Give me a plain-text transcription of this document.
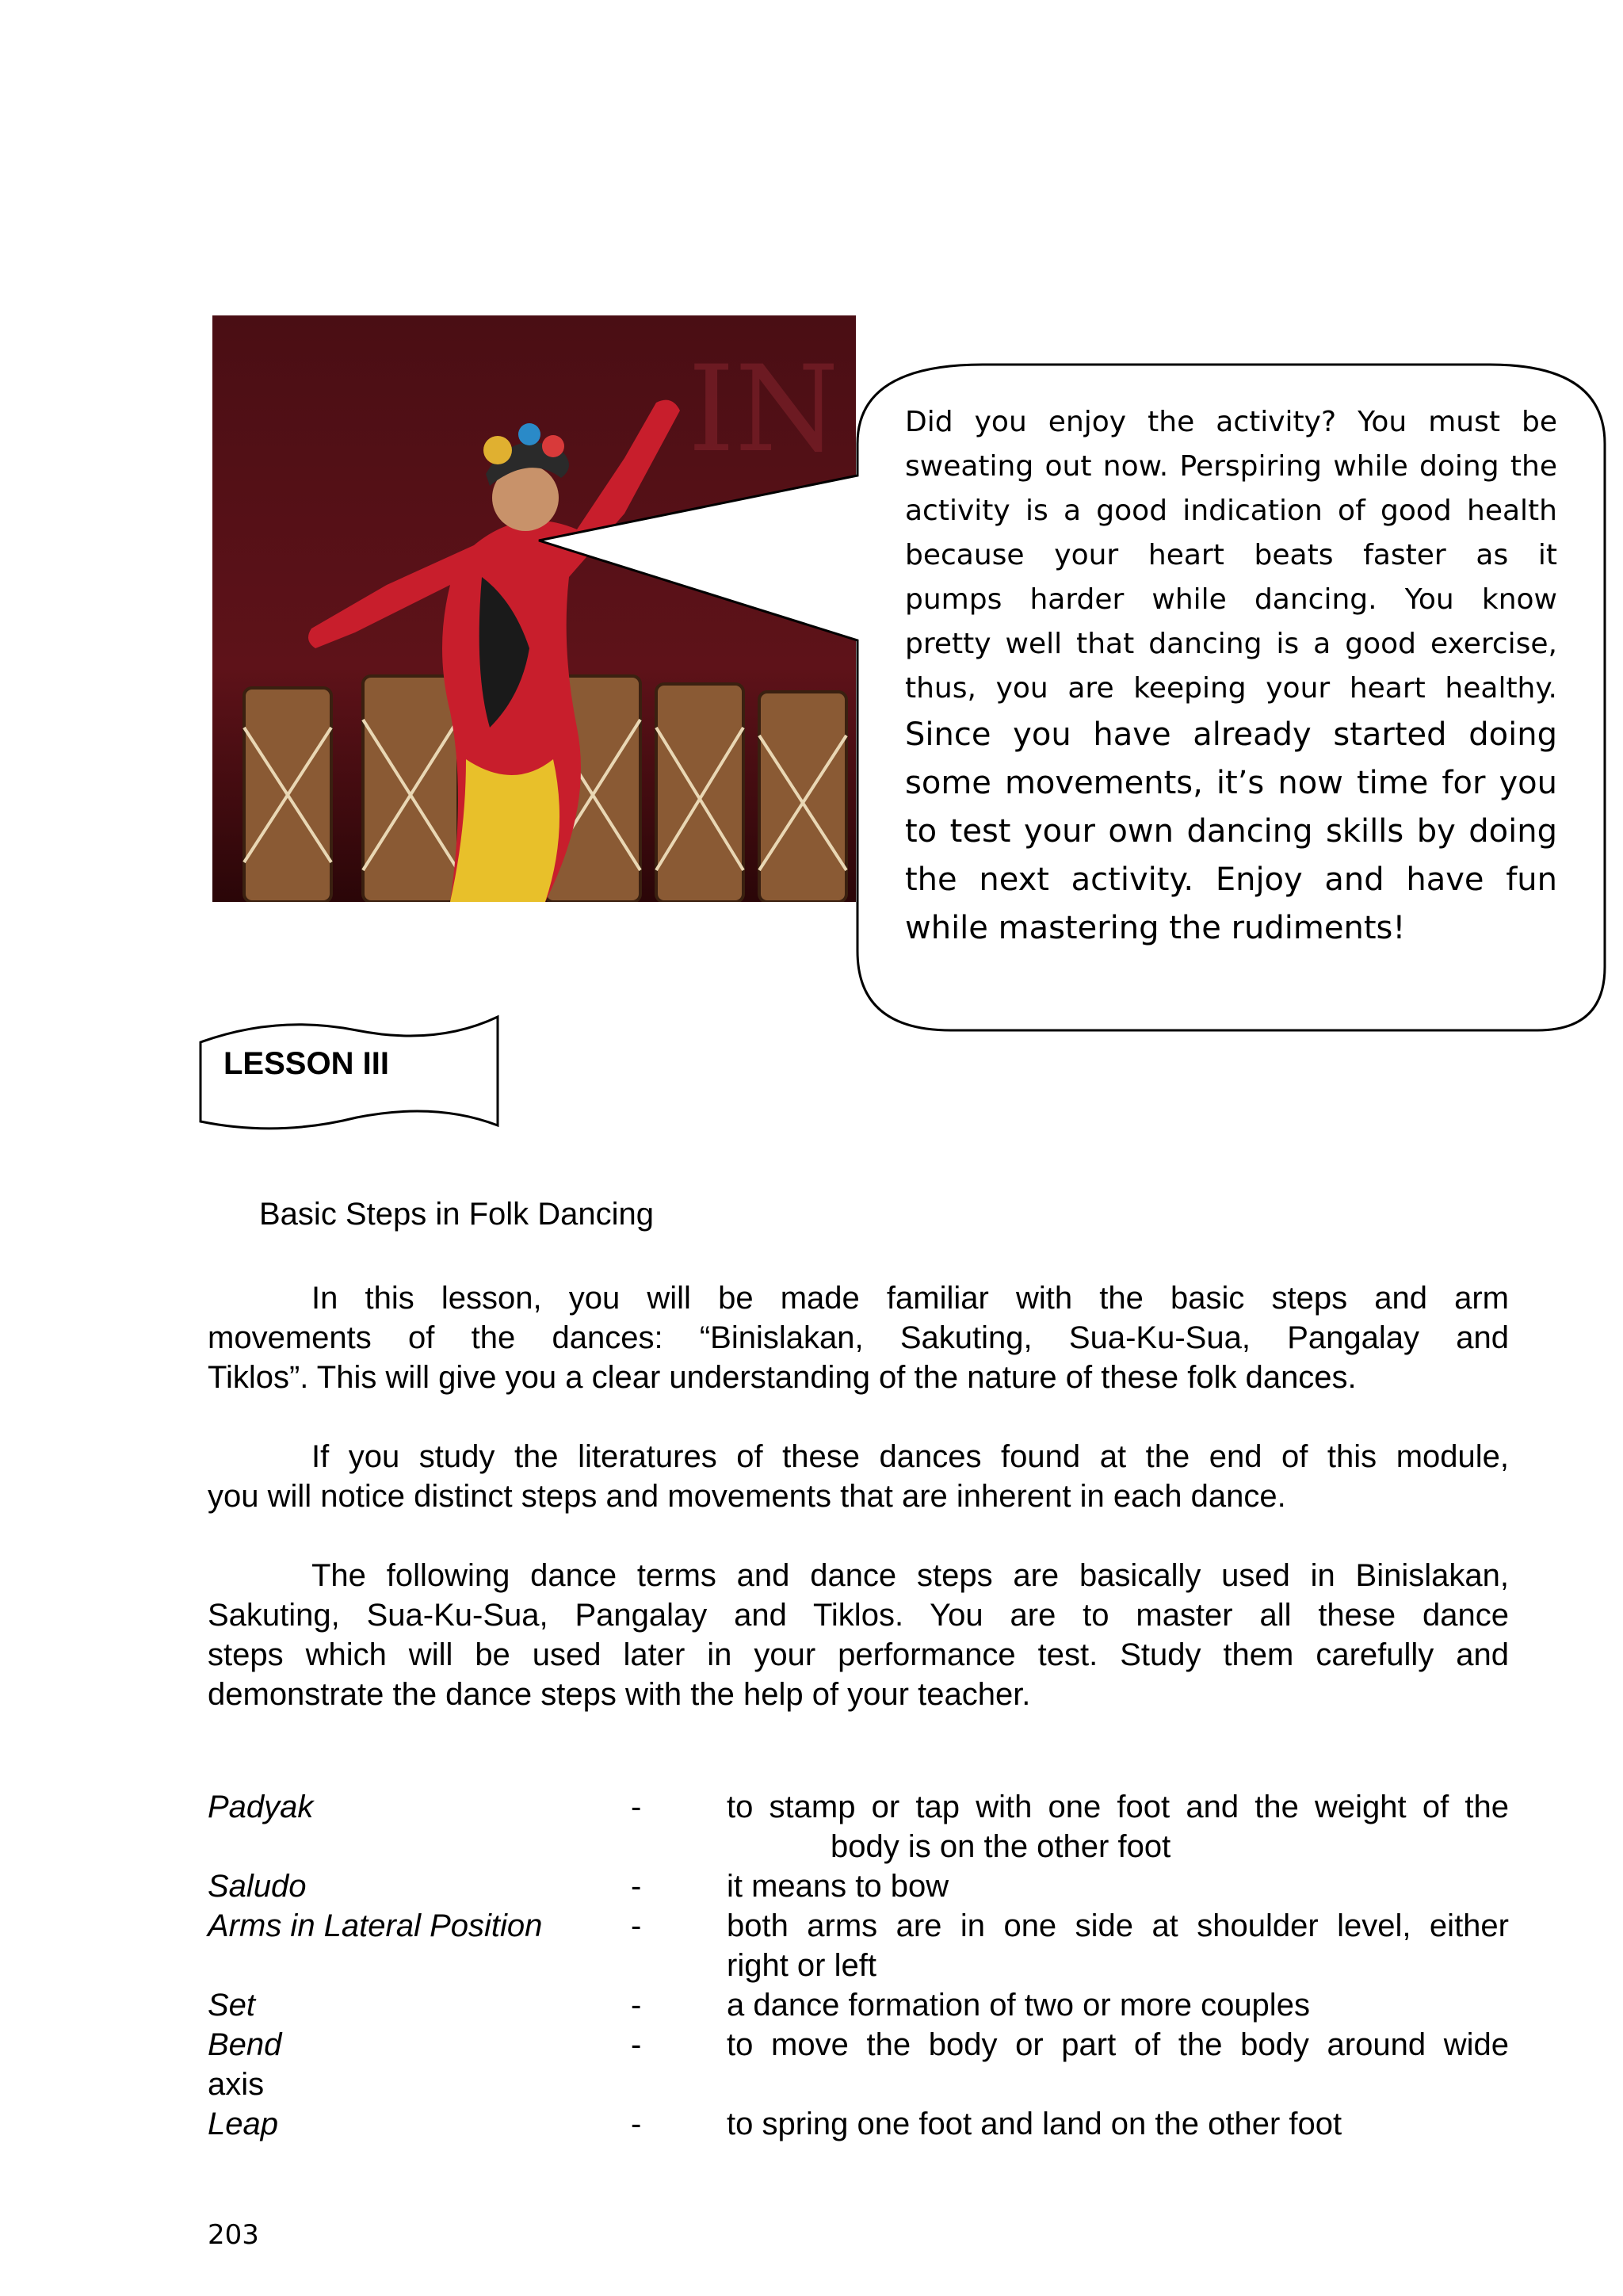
IN Did you enjoy the activity? You must be
sweating out now. Perspiring while doing the
activity is a good indication of good health
because your heart beats faster as it
pumps harder while dancing. You know
pretty well that dancing is a good exercise,
thus, you are keeping your heart healthy.
Since you have already started doing
some movements, it’s now time for you
to test your own dancing skills by doing
the next activity. Enjoy and have fun
while mastering the rudiments!
LESSON III
Basic Steps in Folk Dancing
In this lesson, you will be made familiar with the basic steps and arm
movements of the dances: “Binislakan, Sakuting, Sua-Ku-Sua, Pangalay and
Tiklos”. This will give you a clear understanding of the nature of these folk dances.
If you study the literatures of these dances found at the end of this module,
you will notice distinct steps and movements that are inherent in each dance.
The following dance terms and dance steps are basically used in Binislakan,
Sakuting, Sua-Ku-Sua, Pangalay and Tiklos. You are to master all these dance
steps which will be used later in your performance test. Study them carefully and
demonstrate the dance steps with the help of your teacher.
Padyak	-	to stamp or tap with one foot and the weight of the
body is on the other foot
Saludo	-	it means to bow
Arms in Lateral Position	-	both arms are in one side at shoulder level, either
right or left
Set	-	a dance formation of two or more couples
Bend	-	to move the body or part of the body around wide
axis
Leap	-	to spring one foot and land on the other foot
203
